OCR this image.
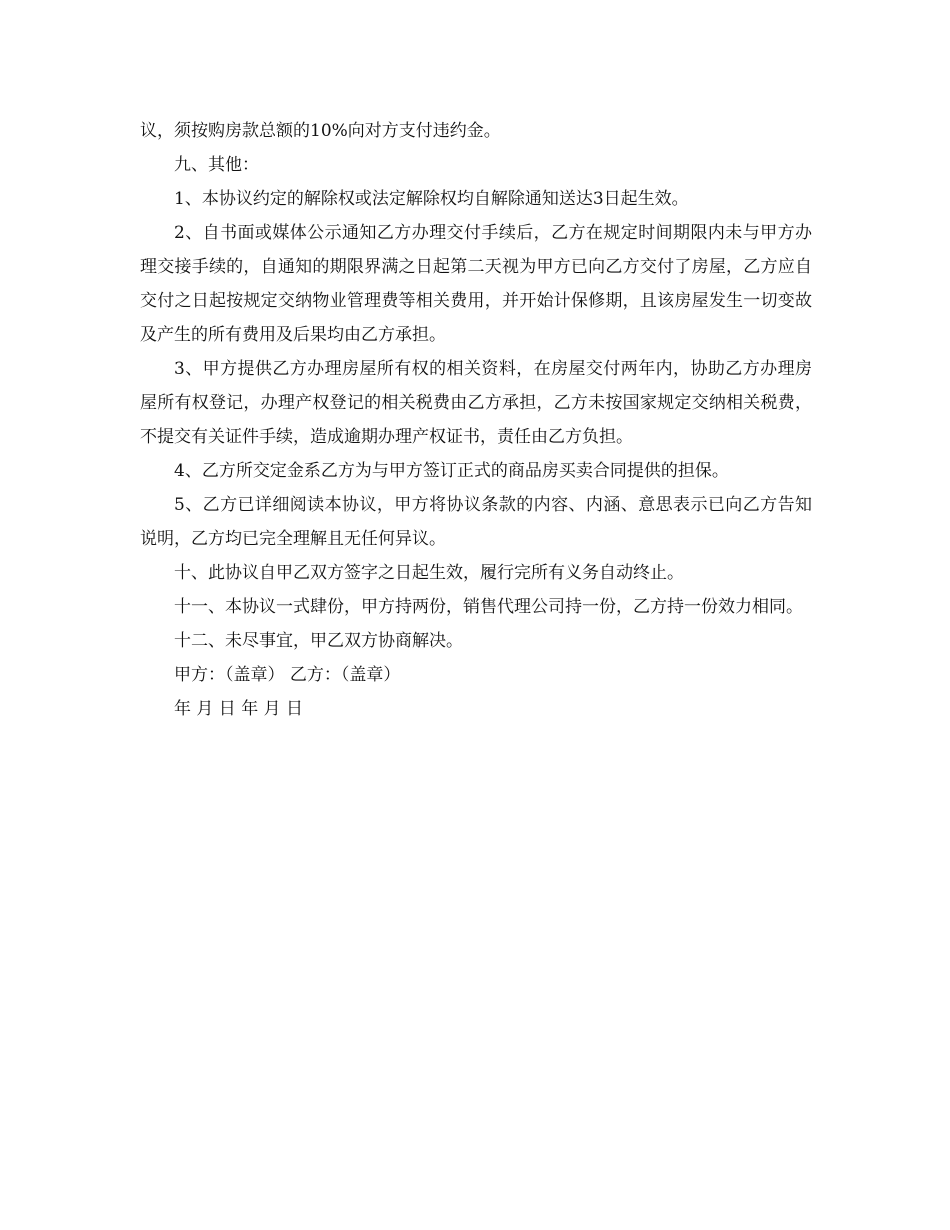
议，须按购房款总额的10%向对方支付违约金。

九、其他：

1、本协议约定的解除权或法定解除权均自解除通知送达3日起生效。

2、自书面或媒体公示通知乙方办理交付手续后，乙方在规定时间期限内未与甲方办理交接手续的，自通知的期限界满之日起第二天视为甲方已向乙方交付了房屋，乙方应自交付之日起按规定交纳物业管理费等相关费用，并开始计保修期，且该房屋发生一切变故及产生的所有费用及后果均由乙方承担。

3、甲方提供乙方办理房屋所有权的相关资料，在房屋交付两年内，协助乙方办理房屋所有权登记，办理产权登记的相关税费由乙方承担，乙方未按国家规定交纳相关税费，不提交有关证件手续，造成逾期办理产权证书，责任由乙方负担。

4、乙方所交定金系乙方为与甲方签订正式的商品房买卖合同提供的担保。

5、乙方已详细阅读本协议，甲方将协议条款的内容、内涵、意思表示已向乙方告知说明，乙方均已完全理解且无任何异议。

十、此协议自甲乙双方签字之日起生效，履行完所有义务自动终止。

十一、本协议一式肆份，甲方持两份，销售代理公司持一份，乙方持一份效力相同。

十二、未尽事宜，甲乙双方协商解决。

甲方：（盖章） 乙方：（盖章）

年 月 日 年 月 日
